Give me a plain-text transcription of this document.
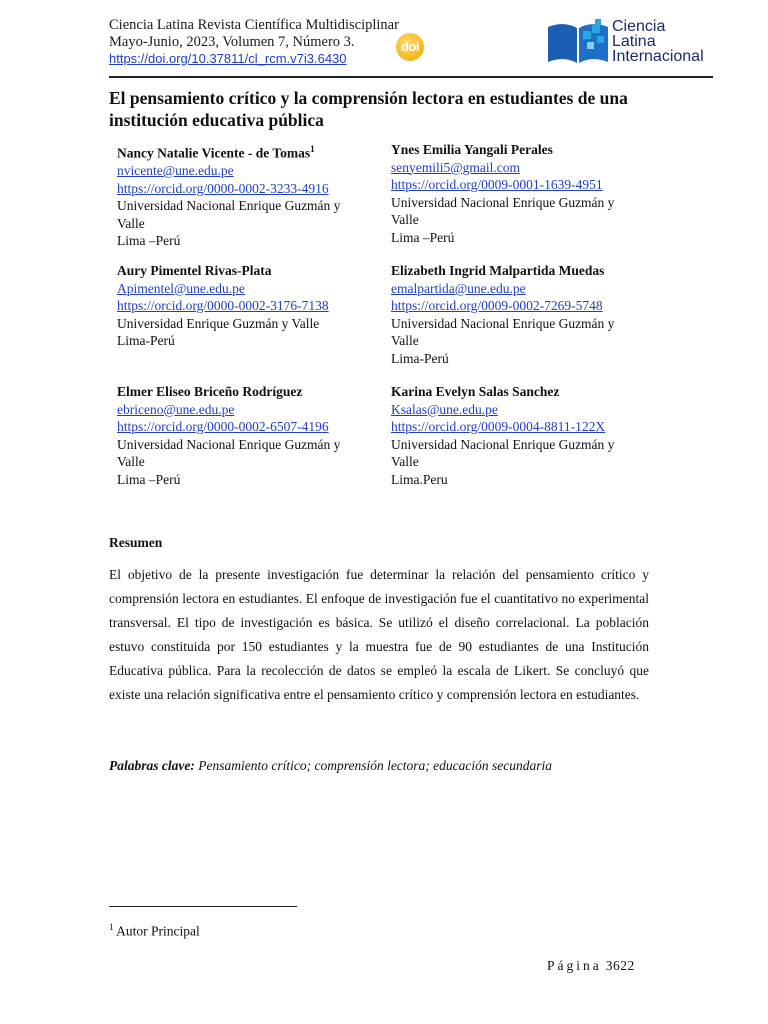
Ciencia Latina Revista Científica Multidisciplinar
Mayo-Junio, 2023, Volumen 7, Número 3.
https://doi.org/10.37811/cl_rcm.v7i3.6430
doi
Ciencia
Latina
Internacional
El pensamiento crítico y la comprensión lectora en estudiantes de una institución educativa pública
Nancy Natalie Vicente - de Tomas$^1$
nvicente@une.edu.pe
https://orcid.org/0000-0002-3233-4916
Universidad Nacional Enrique Guzmán y Valle
Lima –Perú
Ynes Emilia Yangali Perales
senyemili5@gmail.com
https://orcid.org/0009-0001-1639-4951
Universidad Nacional Enrique Guzmán y Valle
Lima –Perú
Aury Pimentel Rivas-Plata
Apimentel@une.edu.pe
https://orcid.org/0000-0002-3176-7138
Universidad Enrique Guzmán y Valle
Lima-Perú
Elizabeth Ingrid Malpartida Muedas
emalpartida@une.edu.pe
https://orcid.org/0009-0002-7269-5748
Universidad Nacional Enrique Guzmán y Valle
Lima-Perú
Elmer Eliseo Briceño Rodríguez
ebriceno@une.edu.pe
https://orcid.org/0000-0002-6507-4196
Universidad Nacional Enrique Guzmán y Valle
Lima –Perú
Karina Evelyn Salas Sanchez
Ksalas@une.edu.pe
https://orcid.org/0009-0004-8811-122X
Universidad Nacional Enrique Guzmán y Valle
Lima.Peru
Resumen
El objetivo de la presente investigación fue determinar la relación del pensamiento crítico y comprensión lectora en estudiantes. El enfoque de investigación fue el cuantitativo no experimental transversal. El tipo de investigación es básica. Se utilizó el diseño correlacional. La población estuvo constituida por 150 estudiantes y la muestra fue de 90 estudiantes de una Institución Educativa pública. Para la recolección de datos se empleó la escala de Likert. Se concluyó que existe una relación significativa entre el pensamiento crítico y comprensión lectora en estudiantes.
Palabras clave: Pensamiento crítico; comprensión lectora; educación secundaria
$^1$ Autor Principal
Página 3622
